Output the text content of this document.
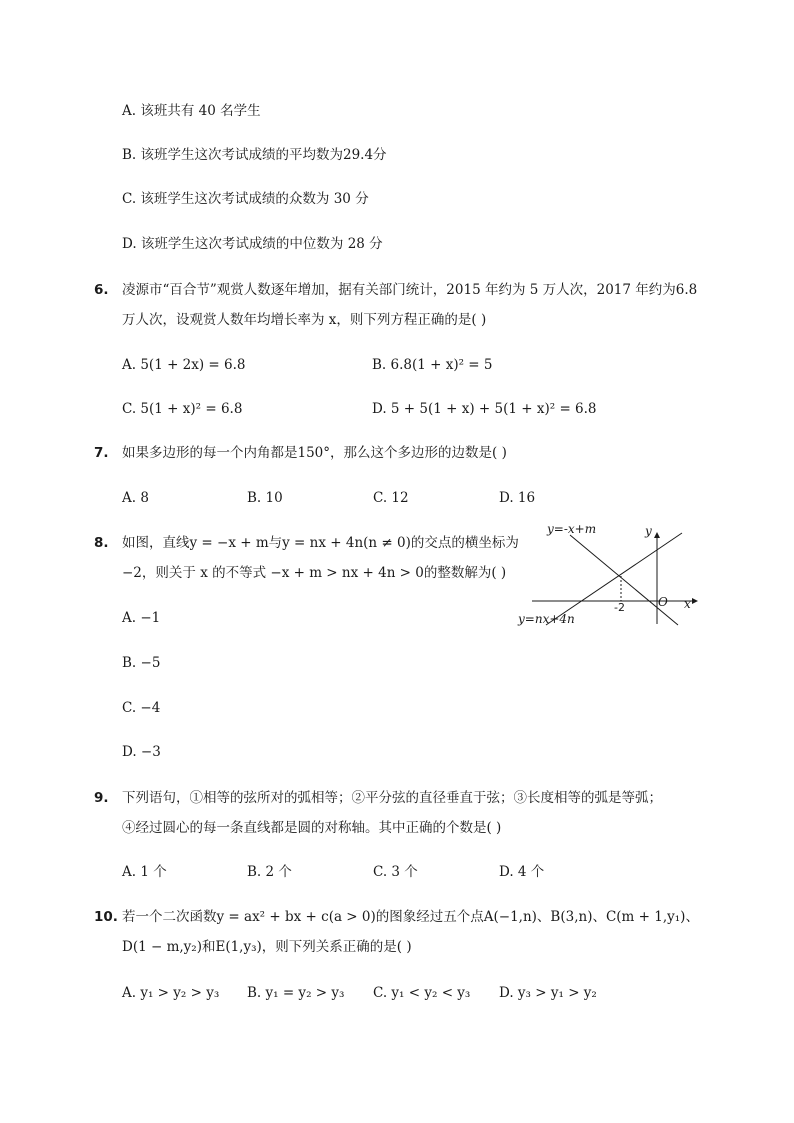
A. 该班共有 40 名学生
B. 该班学生这次考试成绩的平均数为29.4分
C. 该班学生这次考试成绩的众数为 30 分
D. 该班学生这次考试成绩的中位数为 28 分
6. 凌源市“百合节”观赏人数逐年增加，据有关部门统计，2015 年约为 5 万人次，2017 年约为6.8
万人次，设观赏人数年均增长率为 x，则下列方程正确的是( )
A. 5(1 + 2x) = 6.8	B. 6.8(1 + x)² = 5
C. 5(1 + x)² = 6.8	D. 5 + 5(1 + x) + 5(1 + x)² = 6.8
7. 如果多边形的每一个内角都是150°，那么这个多边形的边数是( )
A. 8	B. 10	C. 12	D. 16
8. 如图，直线y = −x + m与y = nx + 4n(n ≠ 0)的交点的横坐标为
−2，则关于 x 的不等式 −x + m > nx + 4n > 0的整数解为( )
A. −1
B. −5
C. −4
D. −3
y=-x+m
y=nx+4n
y
x
O
-2
9. 下列语句，①相等的弦所对的弧相等；②平分弦的直径垂直于弦；③长度相等的弧是等弧；
④经过圆心的每一条直线都是圆的对称轴。其中正确的个数是( )
A. 1 个	B. 2 个	C. 3 个	D. 4 个
10. 若一个二次函数y = ax² + bx + c(a > 0)的图象经过五个点A(−1,n)、B(3,n)、C(m + 1,y₁)、
D(1 − m,y₂)和E(1,y₃)，则下列关系正确的是( )
A. y₁ > y₂ > y₃ B. y₁ = y₂ > y₃ C. y₁ < y₂ < y₃ D. y₃ > y₁ > y₂
